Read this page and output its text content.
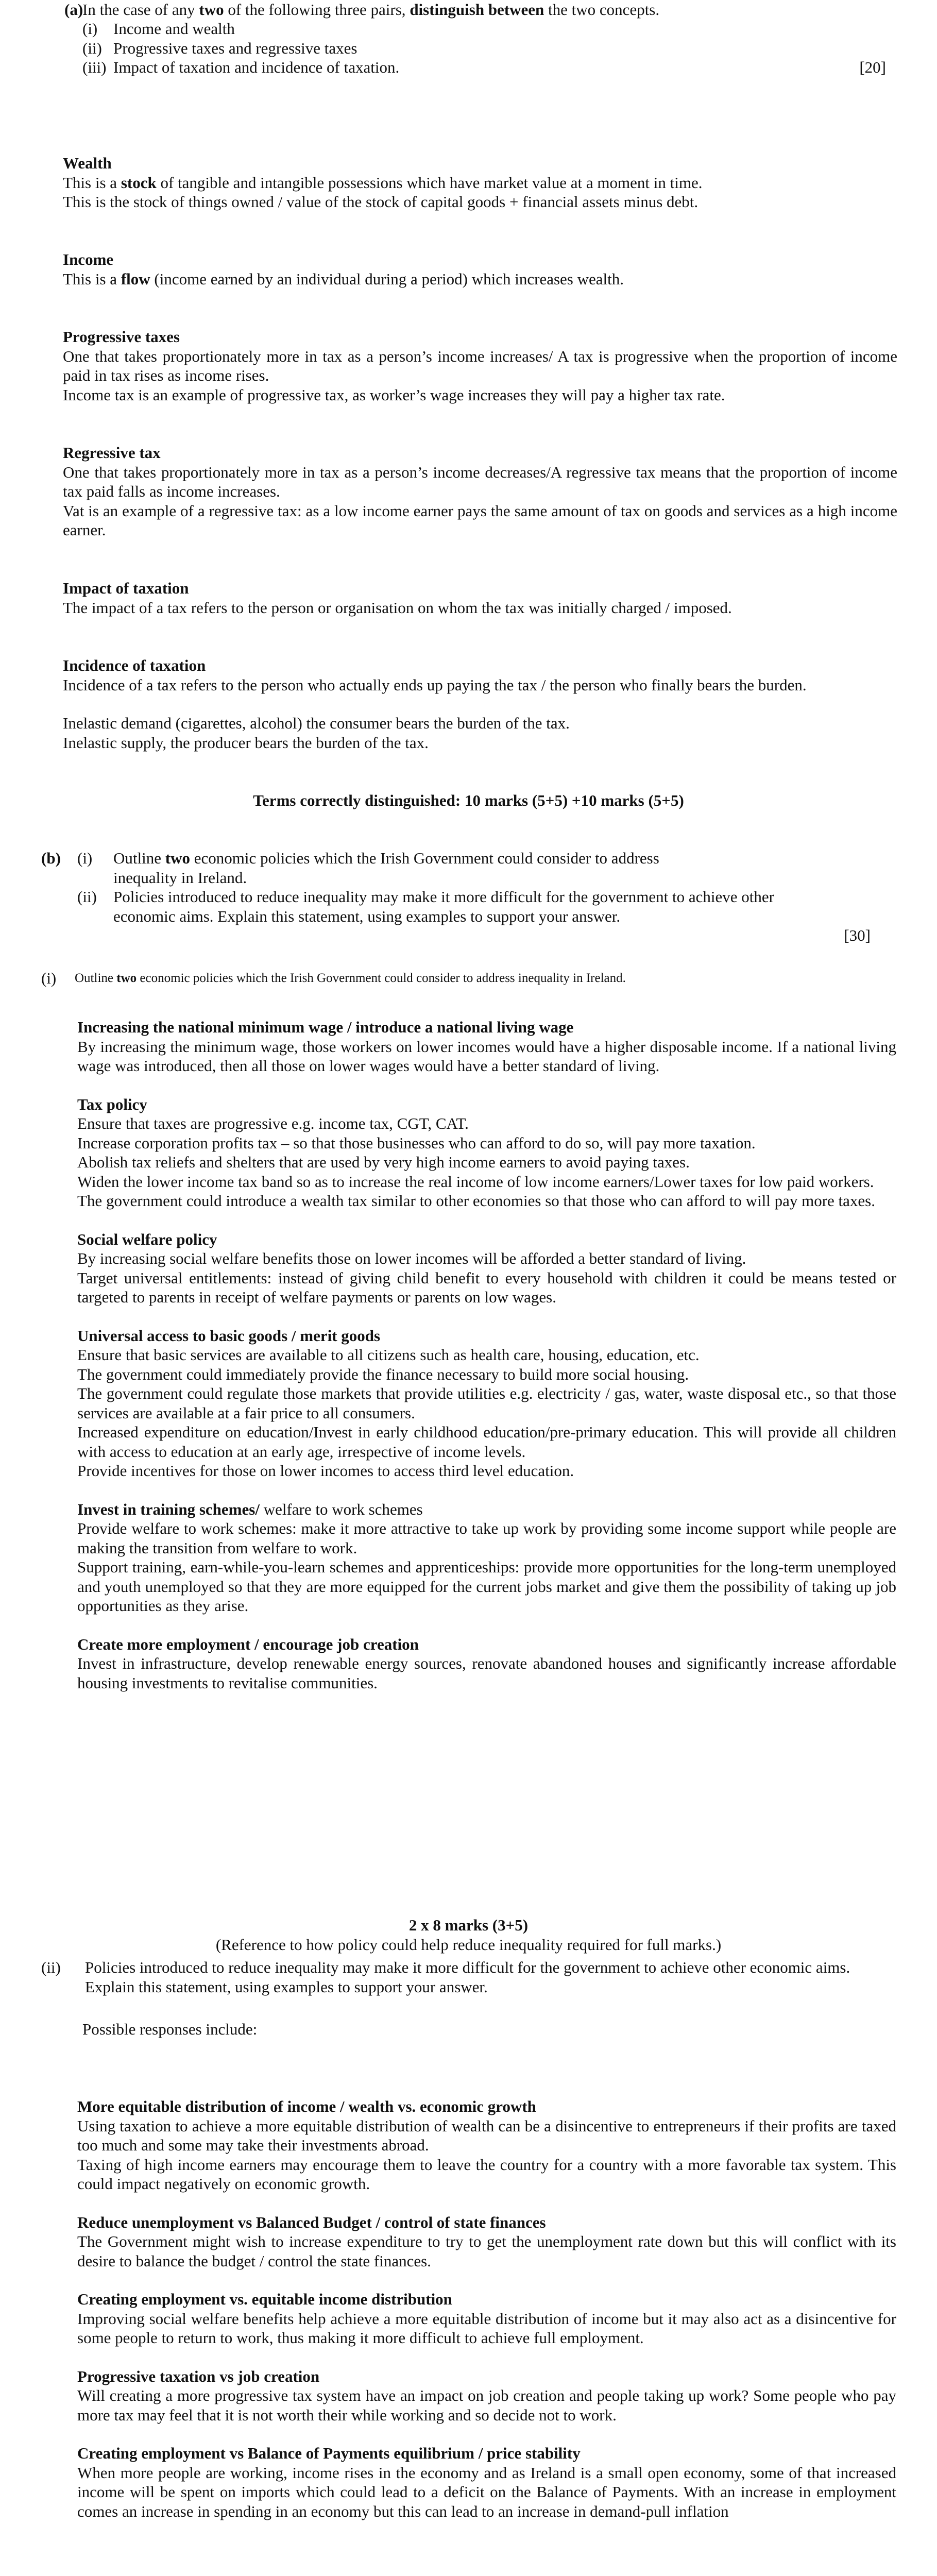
(a)
In the case of any two of the following three pairs, distinguish between the two concepts.
(i) Income and wealth
(ii) Progressive taxes and regressive taxes
(iii) Impact of taxation and incidence of taxation.	[20]
Wealth
This is a stock of tangible and intangible possessions which have market value at a moment in time.
This is the stock of things owned / value of the stock of capital goods + financial assets minus debt.
Income
This is a flow (income earned by an individual during a period) which increases wealth.
Progressive taxes
One that takes proportionately more in tax as a person’s income increases/ A tax is progressive when the proportion of income paid in tax rises as income rises.
Income tax is an example of progressive tax, as worker’s wage increases they will pay a higher tax rate.
Regressive tax
One that takes proportionately more in tax as a person’s income decreases/A regressive tax means that the proportion of income tax paid falls as income increases.
Vat is an example of a regressive tax: as a low income earner pays the same amount of tax on goods and services as a high income earner.
Impact of taxation
The impact of a tax refers to the person or organisation on whom the tax was initially charged / imposed.
Incidence of taxation
Incidence of a tax refers to the person who actually ends up paying the tax / the person who finally bears the burden.
Inelastic demand (cigarettes, alcohol) the consumer bears the burden of the tax.
Inelastic supply, the producer bears the burden of the tax.
Terms correctly distinguished: 10 marks (5+5) +10 marks (5+5)
(b)	(i)	Outline two economic policies which the Irish Government could consider to address inequality in Ireland.
(ii)	Policies introduced to reduce inequality may make it more difficult for the government to achieve other economic aims. Explain this statement, using examples to support your answer.
[30]
(i)	Outline two economic policies which the Irish Government could consider to address inequality in Ireland.
Increasing the national minimum wage / introduce a national living wage
By increasing the minimum wage, those workers on lower incomes would have a higher disposable income. If a national living wage was introduced, then all those on lower wages would have a better standard of living.
Tax policy
Ensure that taxes are progressive e.g. income tax, CGT, CAT.
Increase corporation profits tax – so that those businesses who can afford to do so, will pay more taxation.
Abolish tax reliefs and shelters that are used by very high income earners to avoid paying taxes.
Widen the lower income tax band so as to increase the real income of low income earners/Lower taxes for low paid workers.
The government could introduce a wealth tax similar to other economies so that those who can afford to will pay more taxes.
Social welfare policy
By increasing social welfare benefits those on lower incomes will be afforded a better standard of living.
Target universal entitlements: instead of giving child benefit to every household with children it could be means tested or targeted to parents in receipt of welfare payments or parents on low wages.
Universal access to basic goods / merit goods
Ensure that basic services are available to all citizens such as health care, housing, education, etc.
The government could immediately provide the finance necessary to build more social housing.
The government could regulate those markets that provide utilities e.g. electricity / gas, water, waste disposal etc., so that those services are available at a fair price to all consumers.
Increased expenditure on education/Invest in early childhood education/pre-primary education. This will provide all children with access to education at an early age, irrespective of income levels.
Provide incentives for those on lower incomes to access third level education.
Invest in training schemes/ welfare to work schemes
Provide welfare to work schemes: make it more attractive to take up work by providing some income support while people are making the transition from welfare to work.
Support training, earn-while-you-learn schemes and apprenticeships: provide more opportunities for the long-term unemployed and youth unemployed so that they are more equipped for the current jobs market and give them the possibility of taking up job opportunities as they arise.
Create more employment / encourage job creation
Invest in infrastructure, develop renewable energy sources, renovate abandoned houses and significantly increase affordable housing investments to revitalise communities.
2 x 8 marks (3+5)
(Reference to how policy could help reduce inequality required for full marks.)
(ii)	Policies introduced to reduce inequality may make it more difficult for the government to achieve other economic aims. Explain this statement, using examples to support your answer.
Possible responses include:
More equitable distribution of income / wealth vs. economic growth
Using taxation to achieve a more equitable distribution of wealth can be a disincentive to entrepreneurs if their profits are taxed too much and some may take their investments abroad.
Taxing of high income earners may encourage them to leave the country for a country with a more favorable tax system. This could impact negatively on economic growth.
Reduce unemployment vs Balanced Budget / control of state finances
The Government might wish to increase expenditure to try to get the unemployment rate down but this will conflict with its desire to balance the budget / control the state finances.
Creating employment vs. equitable income distribution
Improving social welfare benefits help achieve a more equitable distribution of income but it may also act as a disincentive for some people to return to work, thus making it more difficult to achieve full employment.
Progressive taxation vs job creation
Will creating a more progressive tax system have an impact on job creation and people taking up work? Some people who pay more tax may feel that it is not worth their while working and so decide not to work.
Creating employment vs Balance of Payments equilibrium / price stability
When more people are working, income rises in the economy and as Ireland is a small open economy, some of that increased income will be spent on imports which could lead to a deficit on the Balance of Payments. With an increase in employment comes an increase in spending in an economy but this can lead to an increase in demand-pull inflation
